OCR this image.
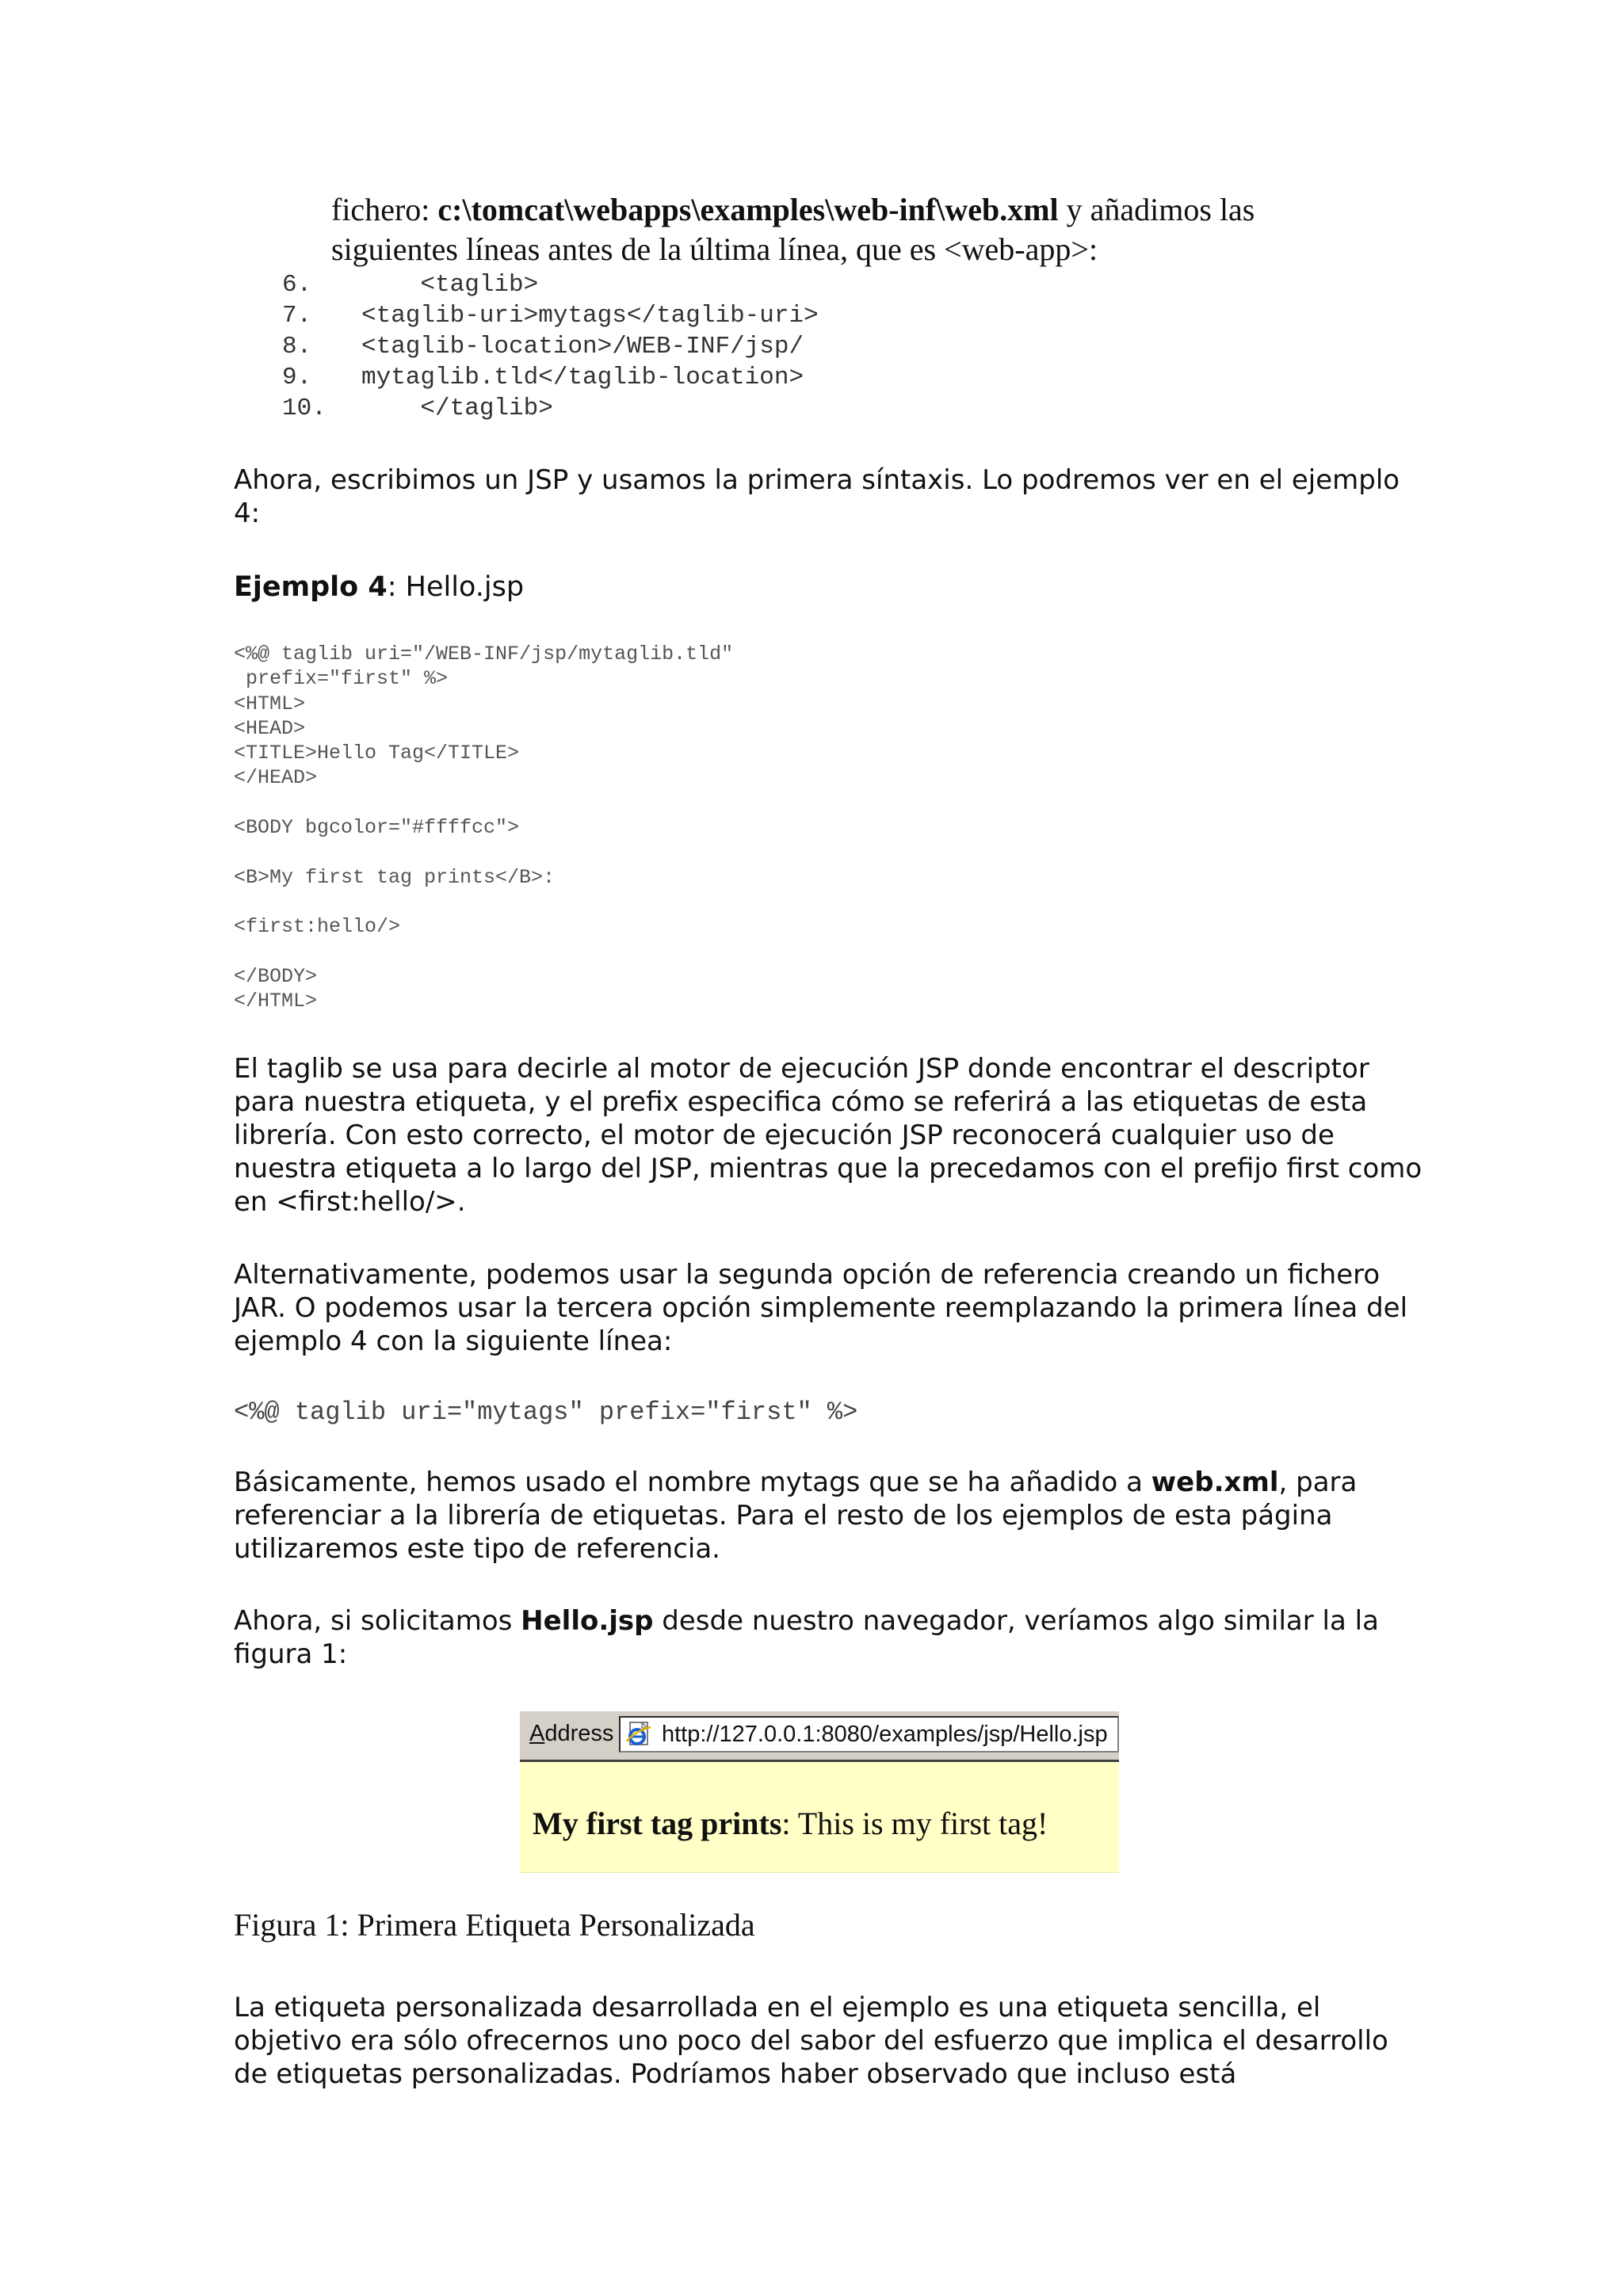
fichero: c:\tomcat\webapps\examples\web-inf\web.xml y añadimos las
siguientes líneas antes de la última línea, que es <web-app>:
6.    <taglib>
7. <taglib-uri>mytags</taglib-uri>
8. <taglib-location>/WEB-INF/jsp/
9. mytaglib.tld</taglib-location>
10.    </taglib>
Ahora, escribimos un JSP y usamos la primera síntaxis. Lo podremos ver en el ejemplo 4:
Ejemplo 4: Hello.jsp
<%@ taglib uri="/WEB-INF/jsp/mytaglib.tld"
prefix="first" %>
<HTML>
<HEAD>
<TITLE>Hello Tag</TITLE>
</HEAD>
<BODY bgcolor="#ffffcc">
<B>My first tag prints</B>:
<first:hello/>
</BODY>
</HTML>
El taglib se usa para decirle al motor de ejecución JSP donde encontrar el descriptor para nuestra etiqueta, y el prefix especifica cómo se referirá a las etiquetas de esta librería. Con esto correcto, el motor de ejecución JSP reconocerá cualquier uso de nuestra etiqueta a lo largo del JSP, mientras que la precedamos con el prefijo first como en <first:hello/>.
Alternativamente, podemos usar la segunda opción de referencia creando un fichero JAR. O podemos usar la tercera opción simplemente reemplazando la primera línea del ejemplo 4 con la siguiente línea:
<%@ taglib uri="mytags" prefix="first" %>
Básicamente, hemos usado el nombre mytags que se ha añadido a web.xml, para referenciar a la librería de etiquetas. Para el resto de los ejemplos de esta página utilizaremos este tipo de referencia.
Ahora, si solicitamos Hello.jsp desde nuestro navegador, veríamos algo similar la la figura 1:
Address http://127.0.0.1:8080/examples/jsp/Hello.jsp
My first tag prints: This is my first tag!
Figura 1: Primera Etiqueta Personalizada
La etiqueta personalizada desarrollada en el ejemplo es una etiqueta sencilla, el objetivo era sólo ofrecernos uno poco del sabor del esfuerzo que implica el desarrollo de etiquetas personalizadas. Podríamos haber observado que incluso está
